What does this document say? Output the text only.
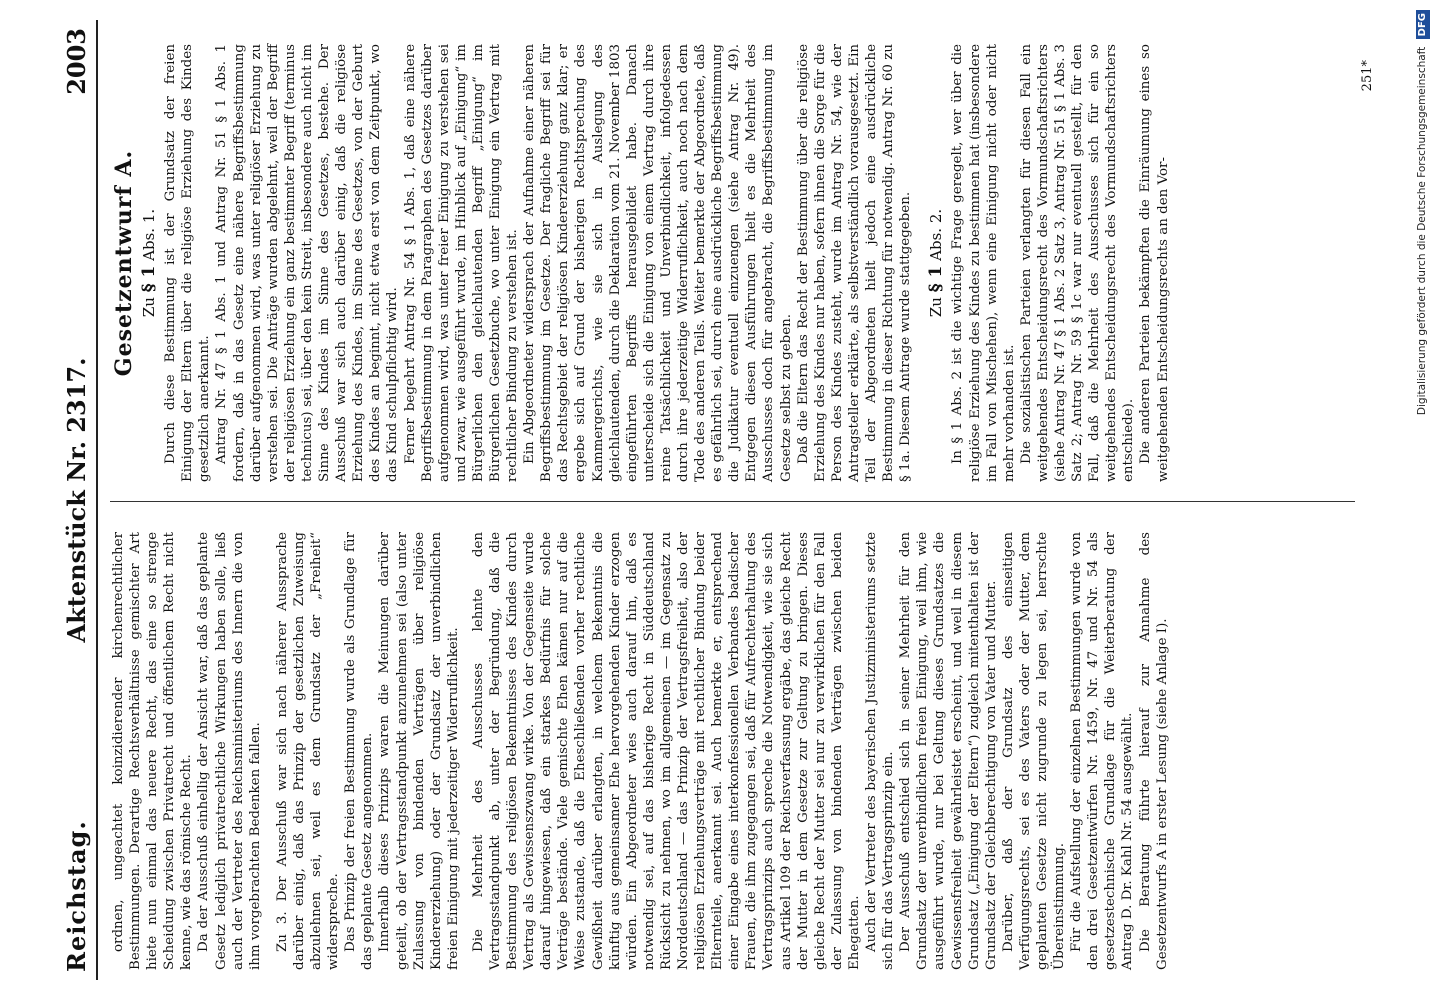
Reichstag.
Aktenstück Nr. 2317.
2003

ordnen, ungeachtet koinzidierender kirchenrechtlicher Bestimmungen. Derartige Rechtsverhältnisse gemischter Art hiete nun einmal das neuere Recht, das eine so strenge Scheidung zwischen Privatrecht und öffentlichem Recht nicht kenne, wie das römische Recht. Da der Ausschuß einhellig der Ansicht war, daß das geplante Gesetz lediglich privatrechtliche Wirkungen haben solle, ließ auch der Vertreter des Reichsministeriums des Innern die von ihm vorgebrachten Bedenken fallen. Zu 3. Der Ausschuß war sich nach näherer Aussprache darüber einig, daß das Prinzip der gesetzlichen Zuweisung abzulehnen sei, weil es dem Grundsatz der „Freiheit“ widerspreche. Das Prinzip der freien Bestimmung wurde als Grundlage für das geplante Gesetz angenommen. Innerhalb dieses Prinzips waren die Meinungen darüber geteilt, ob der Vertragsstandpunkt anzunehmen sei (also unter Zulassung von bindenden Verträgen über religiöse Kindererziehung) oder der Grundsatz der unverbindlichen freien Einigung mit jederzeitiger Widerruflichkeit. Die Mehrheit des Ausschusses lehnte den Vertragsstandpunkt ab, unter der Begründung, daß die Bestimmung des religiösen Bekenntnisses des Kindes durch Vertrag als Gewissenszwang wirke. Von der Gegenseite wurde darauf hingewiesen, daß ein starkes Bedürfnis für solche Verträge bestände. Viele gemischte Ehen kämen nur auf die Weise zustande, daß die Eheschließenden vorher rechtliche Gewißheit darüber erlangten, in welchem Bekenntnis die künftig aus gemeinsamer Ehe hervorgehenden Kinder erzogen würden. Ein Abgeordneter wies auch darauf hin, daß es notwendig sei, auf das bisherige Recht in Süddeutschland Rücksicht zu nehmen, wo im allgemeinen — im Gegensatz zu Norddeutschland — das Prinzip der Vertragsfreiheit, also der religiösen Erziehungsverträge mit rechtlicher Bindung beider Elternteile, anerkannt sei. Auch bemerkte er, entsprechend einer Eingabe eines interkonfessionellen Verbandes badischer Frauen, die ihm zugegangen sei, daß für Aufrechterhaltung des Vertragsprinzips auch spreche die Notwendigkeit, wie sie sich aus Artikel 109 der Reichsverfassung ergäbe, das gleiche Recht der Mutter in dem Gesetze zur Geltung zu bringen. Dieses gleiche Recht der Mutter sei nur zu verwirklichen für den Fall der Zulassung von bindenden Verträgen zwischen beiden Ehegatten. Auch der Vertreter des bayerischen Justizministeriums setzte sich für das Vertragsprinzip ein. Der Ausschuß entschied sich in seiner Mehrheit für den Grundsatz der unverbindlichen freien Einigung, weil ihm, wie ausgeführt wurde, nur bei Geltung dieses Grundsatzes die Gewissensfreiheit gewährleistet erscheint, und weil in diesem Grundsatz („Einigung der Eltern“) zugleich mitenthalten ist der Grundsatz der Gleichberechtigung von Vater und Mutter. Darüber, daß der Grundsatz des einseitigen Verfügungsrechts, sei es des Vaters oder der Mutter, dem geplanten Gesetze nicht zugrunde zu legen sei, herrschte Übereinstimmung. Für die Aufstellung der einzelnen Bestimmungen wurde von den drei Gesetzentwürfen Nr. 1459, Nr. 47 und Nr. 54 als gesetzestechnische Grundlage für die Weiterberatung der Antrag D. Dr. Kahl Nr. 54 ausgewählt. Die Beratung führte hierauf zur Annahme des Gesetzentwurfs A in erster Lesung (siehe Anlage I).

Gesetzentwurf A. Zu § 1 Abs. 1. Durch diese Bestimmung ist der Grundsatz der freien Einigung der Eltern über die religiöse Erziehung des Kindes gesetzlich anerkannt. Antrag Nr. 47 § 1 Abs. 1 und Antrag Nr. 51 § 1 Abs. 1 fordern, daß in das Gesetz eine nähere Begriffsbestimmung darüber aufgenommen wird, was unter religiöser Erziehung zu verstehen sei. Die Anträge wurden abgelehnt, weil der Begriff der religiösen Erziehung ein ganz bestimmter Begriff (terminus technicus) sei, über den kein Streit, insbesondere auch nicht im Sinne des Kindes im Sinne des Gesetzes, bestehe. Der Ausschuß war sich auch darüber einig, daß die religiöse Erziehung des Kindes, im Sinne des Gesetzes, von der Geburt des Kindes an beginnt, nicht etwa erst von dem Zeitpunkt, wo das Kind schulpflichtig wird. Ferner begehrt Antrag Nr. 54 § 1 Abs. 1, daß eine nähere Begriffsbestimmung in dem Paragraphen des Gesetzes darüber aufgenommen wird, was unter freier Einigung zu verstehen sei und zwar, wie ausgeführt wurde, im Hinblick auf „Einigung“ im Bürgerlichen den gleichlautenden Begriff „Einigung“ im Bürgerlichen Gesetzbuche, wo unter Einigung ein Vertrag mit rechtlicher Bindung zu verstehen ist. Ein Abgeordneter widersprach der Aufnahme einer näheren Begriffsbestimmung im Gesetze. Der fragliche Begriff sei für das Rechtsgebiet der religiösen Kindererziehung ganz klar; er ergebe sich auf Grund der bisherigen Rechtsprechung des Kammergerichts, wie sie sich in Auslegung des gleichlautenden, durch die Deklaration vom 21. November 1803 eingeführten Begriffs herausgebildet habe. Danach unterscheide sich die Einigung von einem Vertrag durch ihre reine Tatsächlichkeit und Unverbindlichkeit, infolgedessen durch ihre jederzeitige Widerruflichkeit, auch noch nach dem Tode des anderen Teils. Weiter bemerkte der Abgeordnete, daß es gefährlich sei, durch eine ausdrückliche Begriffsbestimmung die Judikatur eventuell einzuengen (siehe Antrag Nr. 49). Entgegen diesen Ausführungen hielt es die Mehrheit des Ausschusses doch für angebracht, die Begriffsbestimmung im Gesetze selbst zu geben. Daß die Eltern das Recht der Bestimmung über die religiöse Erziehung des Kindes nur haben, sofern ihnen die Sorge für die Person des Kindes zusteht, wurde im Antrag Nr. 54, wie der Antragsteller erklärte, als selbstverständlich vorausgesetzt. Ein Teil der Abgeordneten hielt jedoch eine ausdrückliche Bestimmung in dieser Richtung für notwendig. Antrag Nr. 60 zu § 1a. Diesem Antrage wurde stattgegeben. Zu § 1 Abs. 2. In § 1 Abs. 2 ist die wichtige Frage geregelt, wer über die religiöse Erziehung des Kindes zu bestimmen hat (insbesondere im Fall von Mischehen), wenn eine Einigung nicht oder nicht mehr vorhanden ist. Die sozialistischen Parteien verlangten für diesen Fall ein weitgehendes Entscheidungsrecht des Vormundschaftsrichters (siehe Antrag Nr. 47 § 1 Abs. 2 Satz 3, Antrag Nr. 51 § 1 Abs. 3 Satz 2; Antrag Nr. 59 § 1c war nur eventuell gestellt, für den Fall, daß die Mehrheit des Ausschusses sich für ein so weitgehendes Entscheidungsrecht des Vormundschaftsrichters entschiede). Die anderen Parteien bekämpften die Einräumung eines so weitgehenden Entscheidungsrechts an den Vor-

251*	Digitalisierung gefördert durch die Deutsche Forschungsgemeinschaft DFG
